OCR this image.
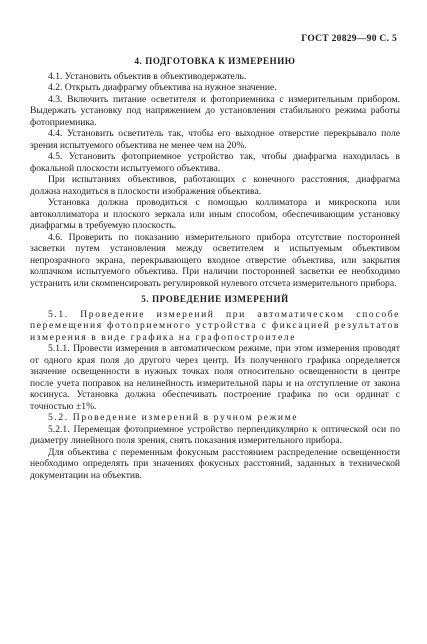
ГОСТ 20829—90 С. 5

4. ПОДГОТОВКА К ИЗМЕРЕНИЮ

4.1. Установить объектив в объективодержатель.

4.2. Открыть диафрагму объектива на нужное значение.

4.3. Включить питание осветителя и фотоприемника с измерительным прибором. Выдержать установку под напряжением до установления стабильного режима работы фотоприемника.

4.4. Установить осветитель так, чтобы его выходное отверстие перекрывало поле зрения испытуемого объектива не менее чем на 20%.

4.5. Установить фотоприемное устройство так, чтобы диафрагма находилась в фокальной плоскости испытуемого объектива.

При испытаниях объективов, работающих с конечного расстояния, диафрагма должна находиться в плоскости изображения объектива.

Установка должна проводиться с помощью коллиматора и микроскопа или автоколлиматора и плоского зеркала или иным способом, обеспечивающим установку диафрагмы в требуемую плоскость.

4.6. Проверить по показанию измерительного прибора отсутствие посторонней засветки путем установления между осветителем и испытуемым объективом непрозрачного экрана, перекрывающего входное отверстие объектива, или закрытия колпачком испытуемого объектива. При наличии посторонней засветки ее необходимо устранить или скомпенсировать регулировкой нулевого отсчета измерительного прибора.

5. ПРОВЕДЕНИЕ ИЗМЕРЕНИЙ

5.1. Проведение измерений при автоматическом способе перемещения фотоприемного устройства с фиксацией результатов измерения в виде графика на графопостроителе

5.1.1. Провести измерения в автоматическом режиме, при этом измерения проводят от одного края поля до другого через центр. Из полученного графика определяется значение освещенности в нужных точках поля относительно освещенности в центре после учета поправок на нелинейность измерительной пары и на отступление от закона косинуса. Установка должна обеспечивать построение графика по оси ординат с точностью ±1%.

5.2. Проведение измерений в ручном режиме

5.2.1. Перемещая фотоприемное устройство перпендикулярно к оптической оси по диаметру линейного поля зрения, снять показания измерительного прибора.

Для объектива с переменным фокусным расстоянием распределение освещенности необходимо определять при значениях фокусных расстояний, заданных в технической документации на объектив.
